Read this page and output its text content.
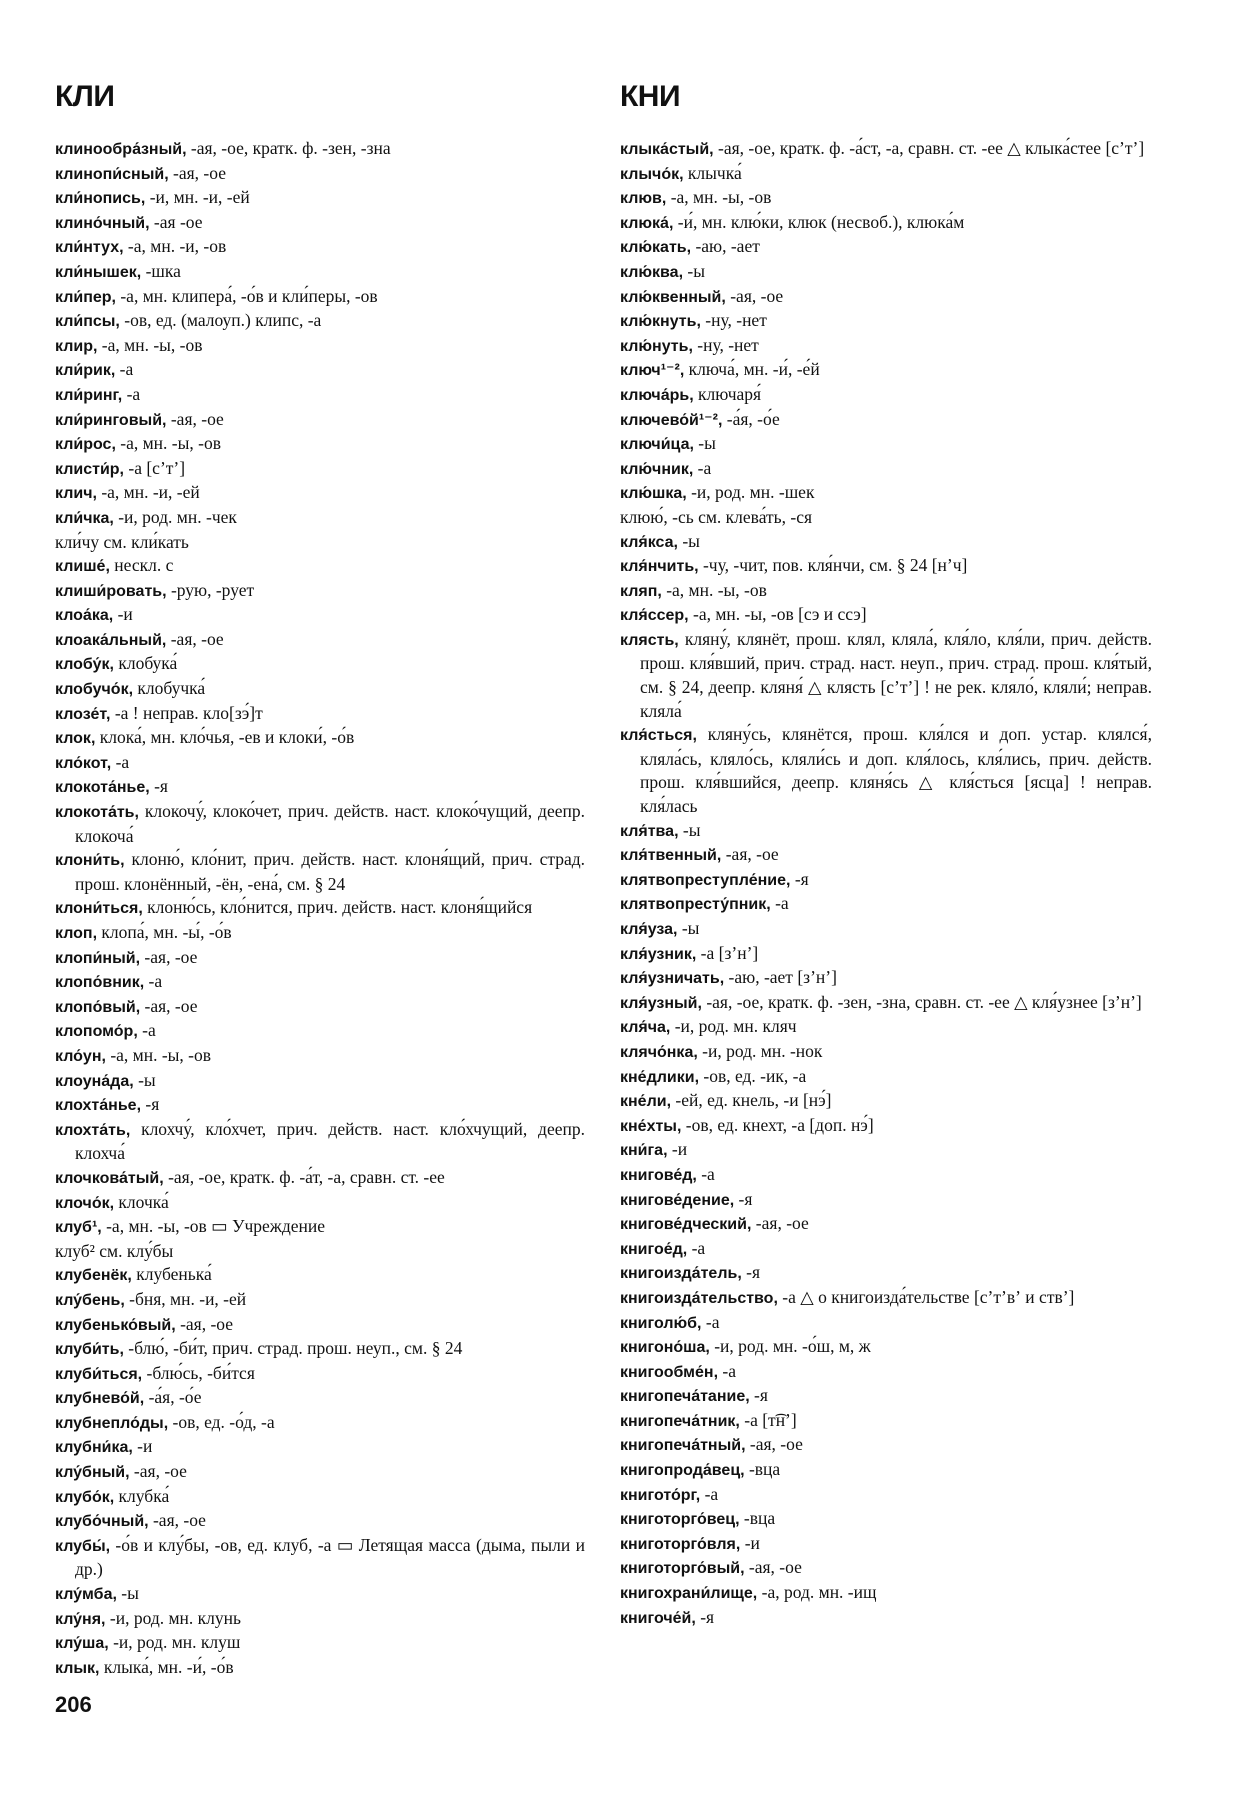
КЛИ	КНИ
клинообра́зный, -ая, -ое, кратк. ф. -зен, -зна
клинопи́сный, -ая, -ое
кли́нопись, -и, мн. -и, -ей
клино́чный, -ая -ое
кли́нтух, -а, мн. -и, -ов
кли́нышек, -шка
кли́пер, -а, мн. клипера́, -о́в и кли́перы, -ов
кли́псы, -ов, ед. (малоуп.) клипс, -а
клир, -а, мн. -ы, -ов
кли́рик, -а
кли́ринг, -а
кли́ринговый, -ая, -ое
кли́рос, -а, мн. -ы, -ов
клисти́р, -а [сʼтʼ]
клич, -а, мн. -и, -ей
кли́чка, -и, род. мн. -чек
кли́чу см. кли́кать
клише́, нескл. с
клиши́ровать, -рую, -рует
клоа́ка, -и
клоака́льный, -ая, -ое
клобу́к, клобука́
клобучо́к, клобучка́
клозе́т, -а ! неправ. кло[зэ́]т
клок, клока́, мн. кло́чья, -ев и клоки́, -о́в
кло́кот, -а
клокота́нье, -я
клокота́ть, клокочу́, клоко́чет, прич. действ. наст. клоко́чущий, деепр. клокоча́
клони́ть, клоню́, кло́нит, прич. действ. наст. клоня́щий, прич. страд. прош. клонённый, -ён, -ена́, см. § 24
клони́ться, клоню́сь, кло́нится, прич. действ. наст. клоня́щийся
клоп, клопа́, мн. -ы́, -о́в
клопи́ный, -ая, -ое
клопо́вник, -а
клопо́вый, -ая, -ое
клопомо́р, -а
кло́ун, -а, мн. -ы, -ов
клоуна́да, -ы
клохта́нье, -я
клохта́ть, клохчу́, кло́хчет, прич. действ. наст. кло́хчущий, деепр. клохча́
клочкова́тый, -ая, -ое, кратк. ф. -а́т, -а, сравн. ст. -ее
клочо́к, клочка́
клуб¹, -а, мн. -ы, -ов ▭ Учреждение
клуб² см. клу́бы
клубенёк, клубенька́
клу́бень, -бня, мн. -и, -ей
клубенько́вый, -ая, -ое
клуби́ть, -блю́, -би́т, прич. страд. прош. неуп., см. § 24
клуби́ться, -блю́сь, -би́тся
клубнево́й, -а́я, -о́е
клубнепло́ды, -ов, ед. -о́д, -а
клубни́ка, -и
клу́бный, -ая, -ое
клубо́к, клубка́
клубо́чный, -ая, -ое
клубы́, -о́в и клу́бы, -ов, ед. клуб, -а ▭ Летящая масса (дыма, пыли и др.)
клу́мба, -ы
клу́ня, -и, род. мн. клунь
клу́ша, -и, род. мн. клуш
клык, клыка́, мн. -и́, -о́в
клыка́стый, -ая, -ое, кратк. ф. -а́ст, -а, сравн. ст. -ее △ клыка́стее [сʼтʼ]
клычо́к, клычка́
клюв, -а, мн. -ы, -ов
клюка́, -и́, мн. клю́ки, клюк (несвоб.), клюка́м
клю́кать, -аю, -ает
клю́ква, -ы
клю́квенный, -ая, -ое
клю́кнуть, -ну, -нет
клю́нуть, -ну, -нет
ключ¹⁻², ключа́, мн. -и́, -е́й
ключа́рь, ключаря́
ключево́й¹⁻², -а́я, -о́е
ключи́ца, -ы
клю́чник, -а
клю́шка, -и, род. мн. -шек
клюю́, -сь см. клева́ть, -ся
кля́кса, -ы
кля́нчить, -чу, -чит, пов. кля́нчи, см. § 24 [нʼч]
кляп, -а, мн. -ы, -ов
кля́ссер, -а, мн. -ы, -ов [сэ и ссэ]
клясть, кляну́, клянёт, прош. клял, кляла́, кля́ло, кля́ли, прич. действ. прош. кля́вший, прич. страд. наст. неуп., прич. страд. прош. кля́тый, см. § 24, деепр. кляня́ △ клясть [сʼтʼ] ! не рек. кляло́, кляли́; неправ. кляла́
кля́сться, кляну́сь, клянётся, прош. кля́лся и доп. устар. клялся́, кляла́сь, кляло́сь, кляли́сь и доп. кля́лось, кля́лись, прич. действ. прош. кля́вшийся, деепр. кляня́сь △ кля́сться [ясца] ! неправ. кля́лась
кля́тва, -ы
кля́твенный, -ая, -ое
клятвопреступле́ние, -я
клятвопресту́пник, -а
кля́уза, -ы
кля́узник, -а [зʼнʼ]
кля́узничать, -аю, -ает [зʼнʼ]
кля́узный, -ая, -ое, кратк. ф. -зен, -зна, сравн. ст. -ее △ кля́узнее [зʼнʼ]
кля́ча, -и, род. мн. кляч
клячо́нка, -и, род. мн. -нок
кне́длики, -ов, ед. -ик, -а
кне́ли, -ей, ед. кнель, -и [нэ́]
кне́хты, -ов, ед. кнехт, -а [доп. нэ́]
кни́га, -и
книгове́д, -а
книгове́дение, -я
книгове́дческий, -ая, -ое
книгое́д, -а
книгоизда́тель, -я
книгоизда́тельство, -а △ о книгоизда́тельстве [сʼтʼвʼ и ствʼ]
книголю́б, -а
книгоно́ша, -и, род. мн. -о́ш, м, ж
книгообме́н, -а
книгопеча́тание, -я
книгопеча́тник, -а [т͡нʼ]
книгопеча́тный, -ая, -ое
книгопрода́вец, -вца
книгото́рг, -а
книготорго́вец, -вца
книготорго́вля, -и
книготорго́вый, -ая, -ое
книгохрани́лище, -а, род. мн. -ищ
книгоче́й, -я
206
